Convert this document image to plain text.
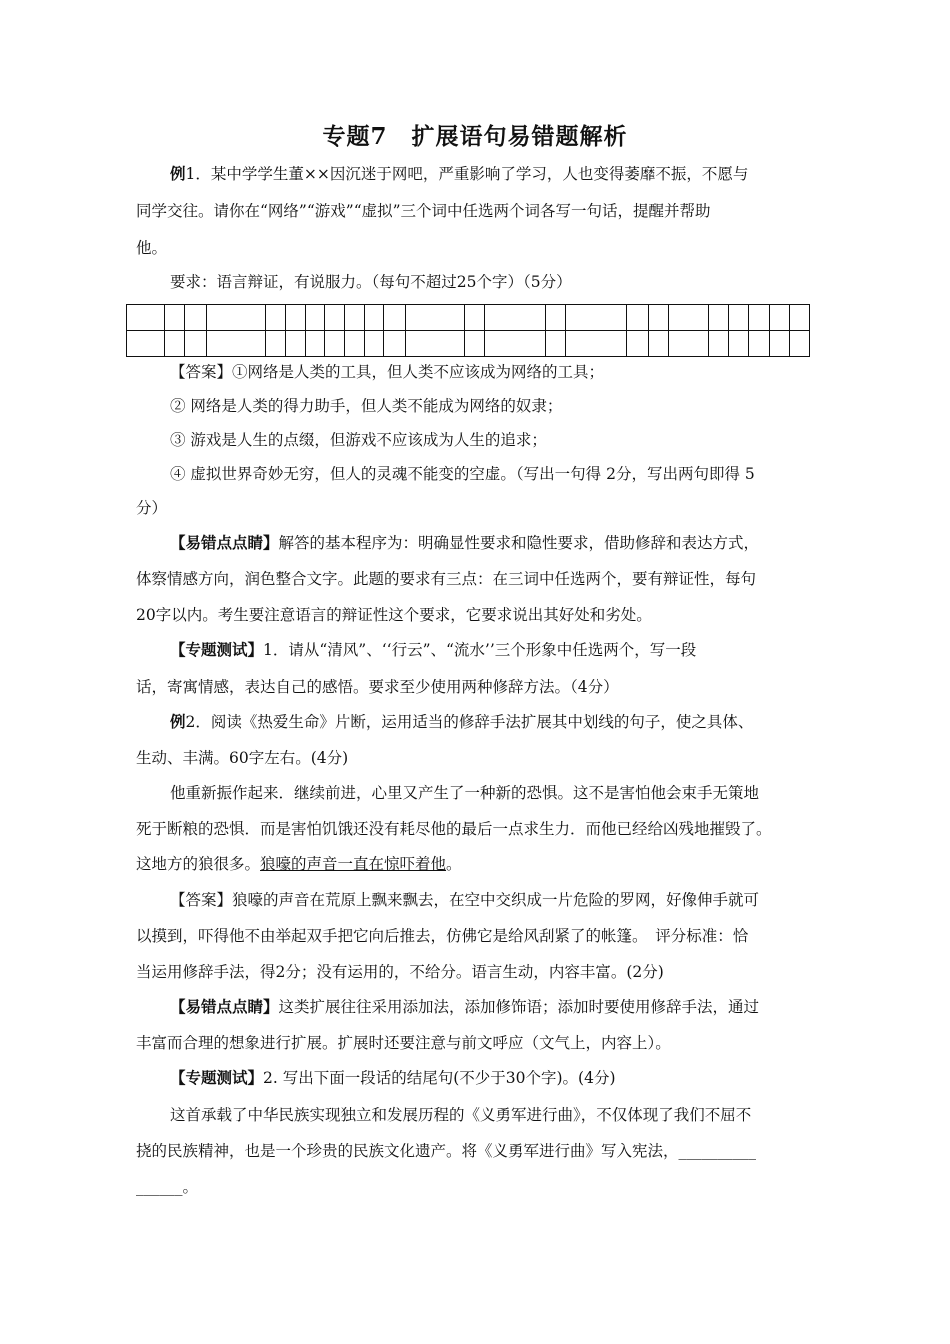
专题7　扩展语句易错题解析
例1．某中学学生董××因沉迷于网吧，严重影响了学习，人也变得萎靡不振，不愿与
同学交往。请你在“网络”“游戏”“虚拟”三个词中任选两个词各写一句话，提醒并帮助
他。
要求：语言辩证，有说服力。（每句不超过25个字）（5分）

【答案】①网络是人类的工具，但人类不应该成为网络的工具；
② 网络是人类的得力助手，但人类不能成为网络的奴隶；
③ 游戏是人生的点缀，但游戏不应该成为人生的追求；
④ 虚拟世界奇妙无穷，但人的灵魂不能变的空虚。（写出一句得 2分，写出两句即得 5
分）
【易错点点睛】解答的基本程序为：明确显性要求和隐性要求，借助修辞和表达方式，
体察情感方向，润色整合文字。此题的要求有三点：在三词中任选两个，要有辩证性，每句
20字以内。考生要注意语言的辩证性这个要求，它要求说出其好处和劣处。
【专题测试】1．请从“清风”、‘‘行云”、“流水’’三个形象中任选两个，写一段
话，寄寓情感，表达自己的感悟。要求至少使用两种修辞方法。（4分）
例2．阅读《热爱生命》片断，运用适当的修辞手法扩展其中划线的句子，使之具体、
生动、丰满。60字左右。(4分)
他重新振作起来．继续前进，心里又产生了一种新的恐惧。这不是害怕他会束手无策地
死于断粮的恐惧．而是害怕饥饿还没有耗尽他的最后一点求生力．而他已经给凶残地摧毁了。
这地方的狼很多。狼嚎的声音一直在惊吓着他。
【答案】狼嚎的声音在荒原上飘来飘去，在空中交织成一片危险的罗网，好像伸手就可
以摸到，吓得他不由举起双手把它向后推去，仿佛它是给风刮紧了的帐篷。　评分标准：恰
当运用修辞手法，得2分；没有运用的，不给分。语言生动，内容丰富。(2分)
【易错点点睛】这类扩展往往采用添加法，添加修饰语；添加时要使用修辞手法，通过
丰富而合理的想象进行扩展。扩展时还要注意与前文呼应（文气上，内容上）。
【专题测试】2. 写出下面一段话的结尾句(不少于30个字)。(4分)
这首承载了中华民族实现独立和发展历程的《义勇军进行曲》，不仅体现了我们不屈不
挠的民族精神，也是一个珍贵的民族文化遗产。将《义勇军进行曲》写入宪法，__________
______。
